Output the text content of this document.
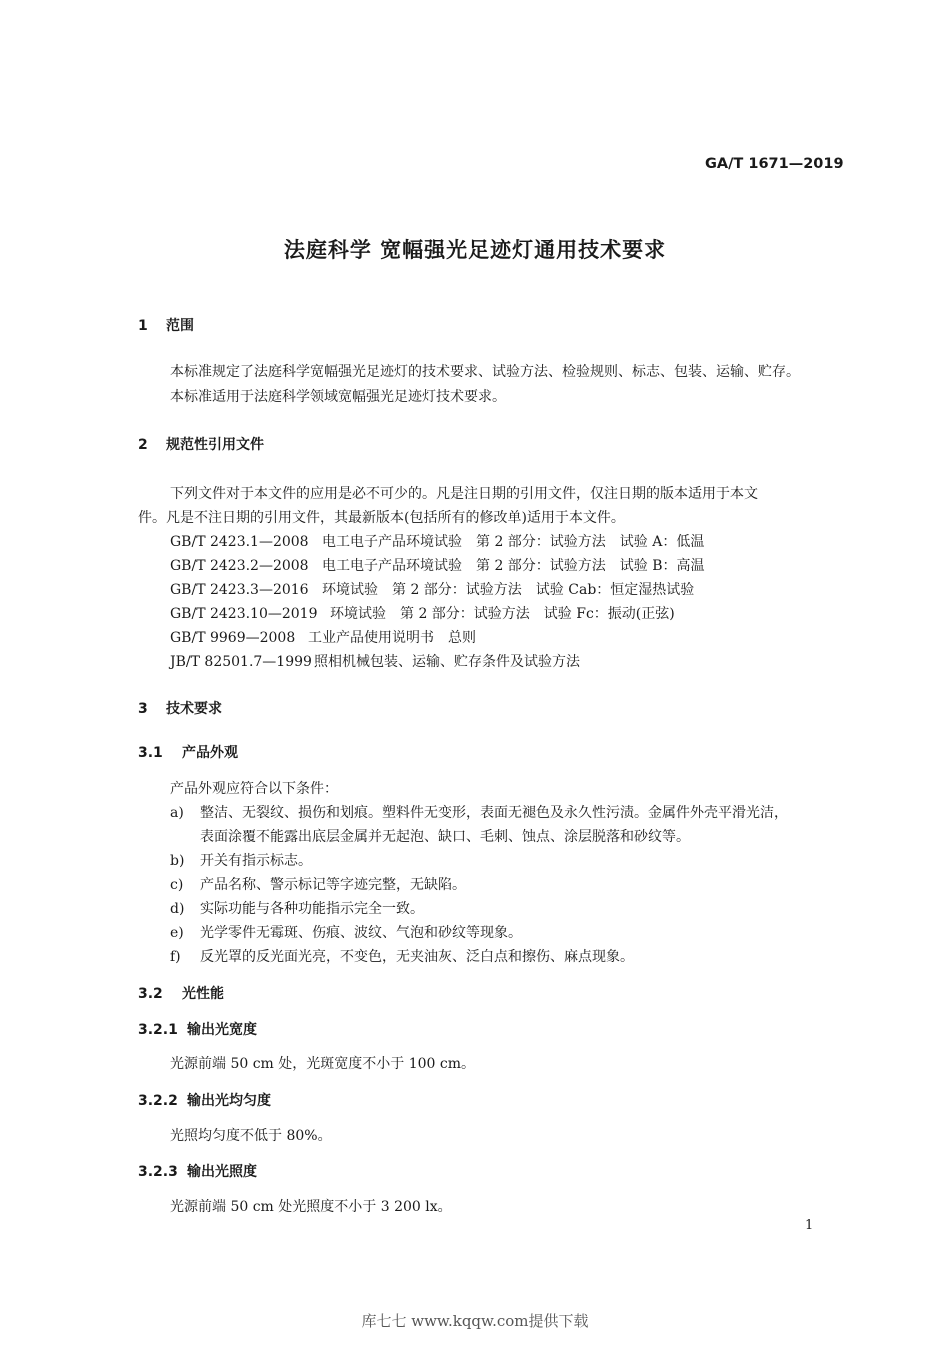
GA/T 1671—2019
法庭科学 宽幅强光足迹灯通用技术要求
1 范围
本标准规定了法庭科学宽幅强光足迹灯的技术要求、试验方法、检验规则、标志、包装、运输、贮存。
本标准适用于法庭科学领域宽幅强光足迹灯技术要求。
2 规范性引用文件
下列文件对于本文件的应用是必不可少的。凡是注日期的引用文件，仅注日期的版本适用于本文
件。凡是不注日期的引用文件，其最新版本(包括所有的修改单)适用于本文件。
GB/T 2423.1—2008 电工电子产品环境试验　第 2 部分：试验方法　试验 A：低温
GB/T 2423.2—2008 电工电子产品环境试验　第 2 部分：试验方法　试验 B：高温
GB/T 2423.3—2016 环境试验　第 2 部分：试验方法　试验 Cab：恒定湿热试验
GB/T 2423.10—2019 环境试验　第 2 部分：试验方法　试验 Fc：振动(正弦)
GB/T 9969—2008 工业产品使用说明书　总则
JB/T 82501.7—1999 照相机械包装、运输、贮存条件及试验方法
3 技术要求
3.1 产品外观
产品外观应符合以下条件：
a) 整洁、无裂纹、损伤和划痕。塑料件无变形，表面无褪色及永久性污渍。金属件外壳平滑光洁，
表面涂覆不能露出底层金属并无起泡、缺口、毛刺、蚀点、涂层脱落和砂纹等。
b) 开关有指示标志。
c) 产品名称、警示标记等字迹完整，无缺陷。
d) 实际功能与各种功能指示完全一致。
e) 光学零件无霉斑、伤痕、波纹、气泡和砂纹等现象。
f) 反光罩的反光面光亮，不变色，无夹油灰、泛白点和擦伤、麻点现象。
3.2 光性能
3.2.1 输出光宽度
光源前端 50 cm 处，光斑宽度不小于 100 cm。
3.2.2 输出光均匀度
光照均匀度不低于 80%。
3.2.3 输出光照度
光源前端 50 cm 处光照度不小于 3 200 lx。
1
库七七 www.kqqw.com提供下载
